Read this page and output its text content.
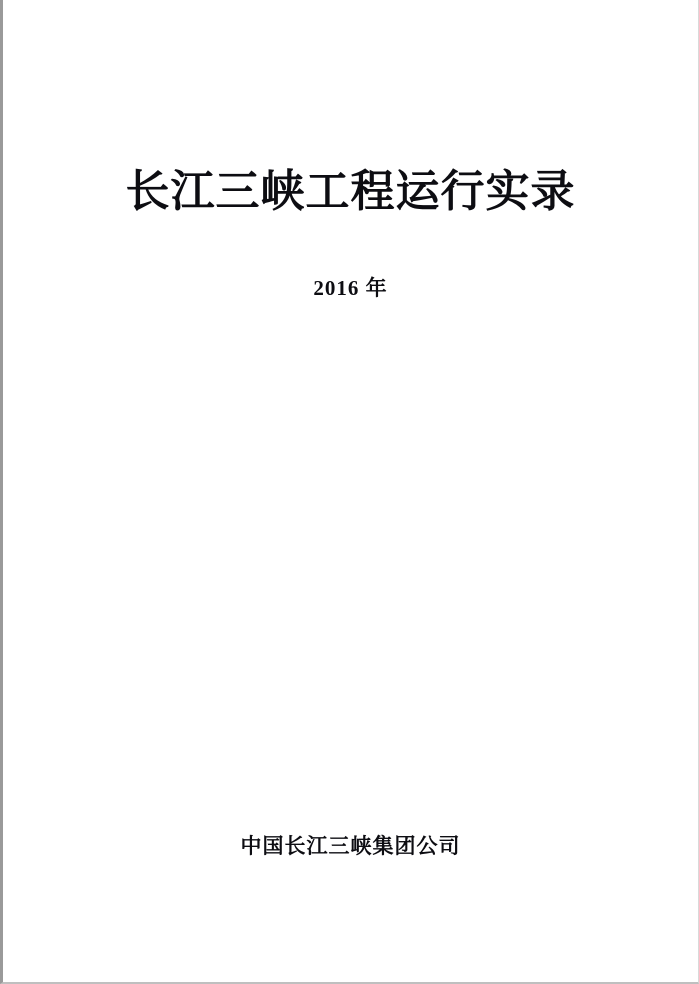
长江三峡工程运行实录
2016 年
中国长江三峡集团公司
